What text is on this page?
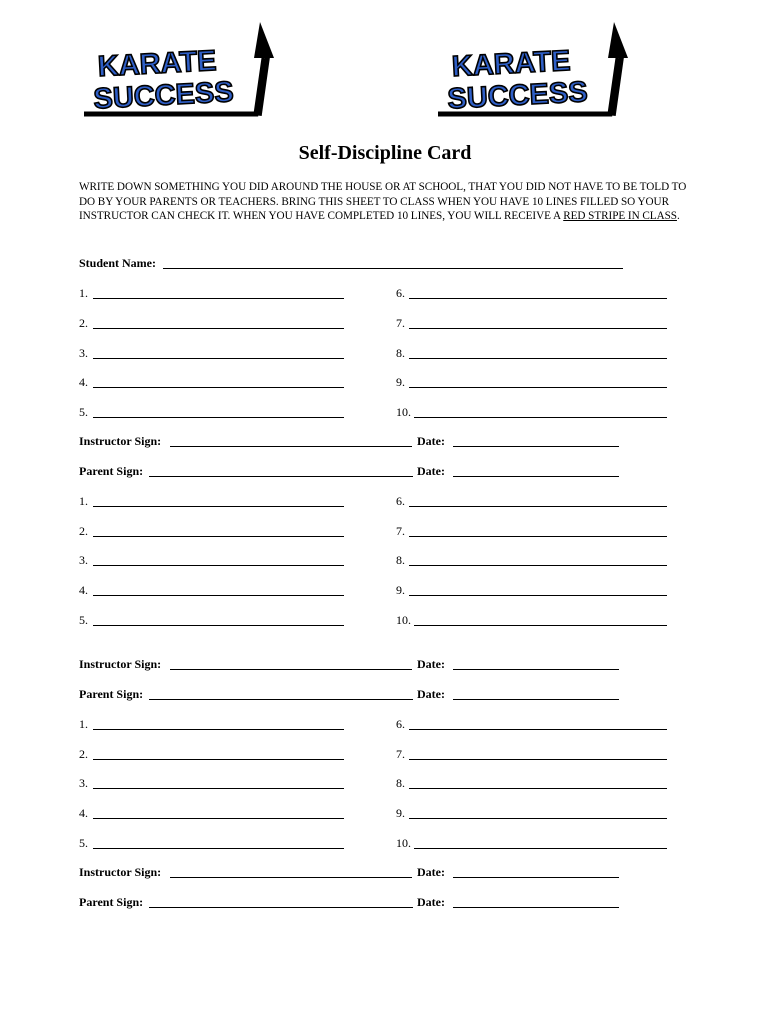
KARATE
SUCCESS
KARATE
SUCCESS
Self-Discipline Card
WRITE DOWN SOMETHING YOU DID AROUND THE HOUSE OR AT SCHOOL, THAT YOU DID NOT HAVE TO BE TOLD TO DO BY YOUR PARENTS OR TEACHERS. BRING THIS SHEET TO CLASS WHEN YOU HAVE 10 LINES FILLED SO YOUR INSTRUCTOR CAN CHECK IT. WHEN YOU HAVE COMPLETED 10 LINES, YOU WILL RECEIVE A RED STRIPE IN CLASS.
Student Name:
1.	6.
2.	7.
3.	8.
4.	9.
5.	10.
Instructor Sign:	Date:
Parent Sign:	Date:
1.	6.
2.	7.
3.	8.
4.	9.
5.	10.
Instructor Sign:	Date:
Parent Sign:	Date:
1.	6.
2.	7.
3.	8.
4.	9.
5.	10.
Instructor Sign:	Date:
Parent Sign:	Date:
